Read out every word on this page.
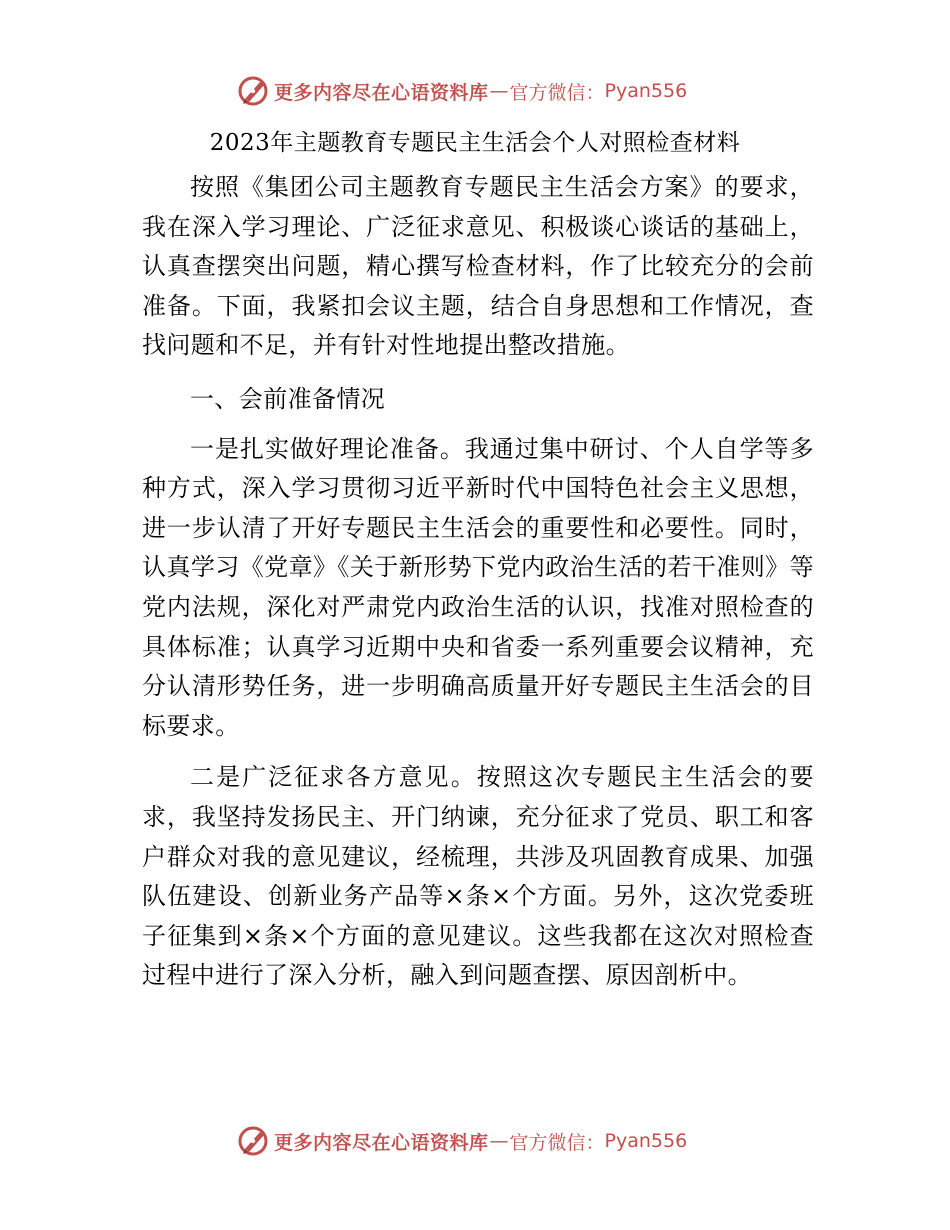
更多内容尽在心语资料库 — 官方微信： Pyan556
2023年主题教育专题民主生活会个人对照检查材料

按照《集团公司主题教育专题民主生活会方案》的要求，我在深入学习理论、广泛征求意见、积极谈心谈话的基础上，认真查摆突出问题，精心撰写检查材料，作了比较充分的会前准备。下面，我紧扣会议主题，结合自身思想和工作情况，查找问题和不足，并有针对性地提出整改措施。

一、会前准备情况

一是扎实做好理论准备。我通过集中研讨、个人自学等多种方式，深入学习贯彻习近平新时代中国特色社会主义思想，进一步认清了开好专题民主生活会的重要性和必要性。同时，认真学习《党章》《关于新形势下党内政治生活的若干准则》等党内法规，深化对严肃党内政治生活的认识，找准对照检查的具体标准；认真学习近期中央和省委一系列重要会议精神，充分认清形势任务，进一步明确高质量开好专题民主生活会的目标要求。

二是广泛征求各方意见。按照这次专题民主生活会的要求，我坚持发扬民主、开门纳谏，充分征求了党员、职工和客户群众对我的意见建议，经梳理，共涉及巩固教育成果、加强队伍建设、创新业务产品等×条×个方面。另外，这次党委班子征集到×条×个方面的意见建议。这些我都在这次对照检查过程中进行了深入分析，融入到问题查摆、原因剖析中。

更多内容尽在心语资料库 — 官方微信： Pyan556
